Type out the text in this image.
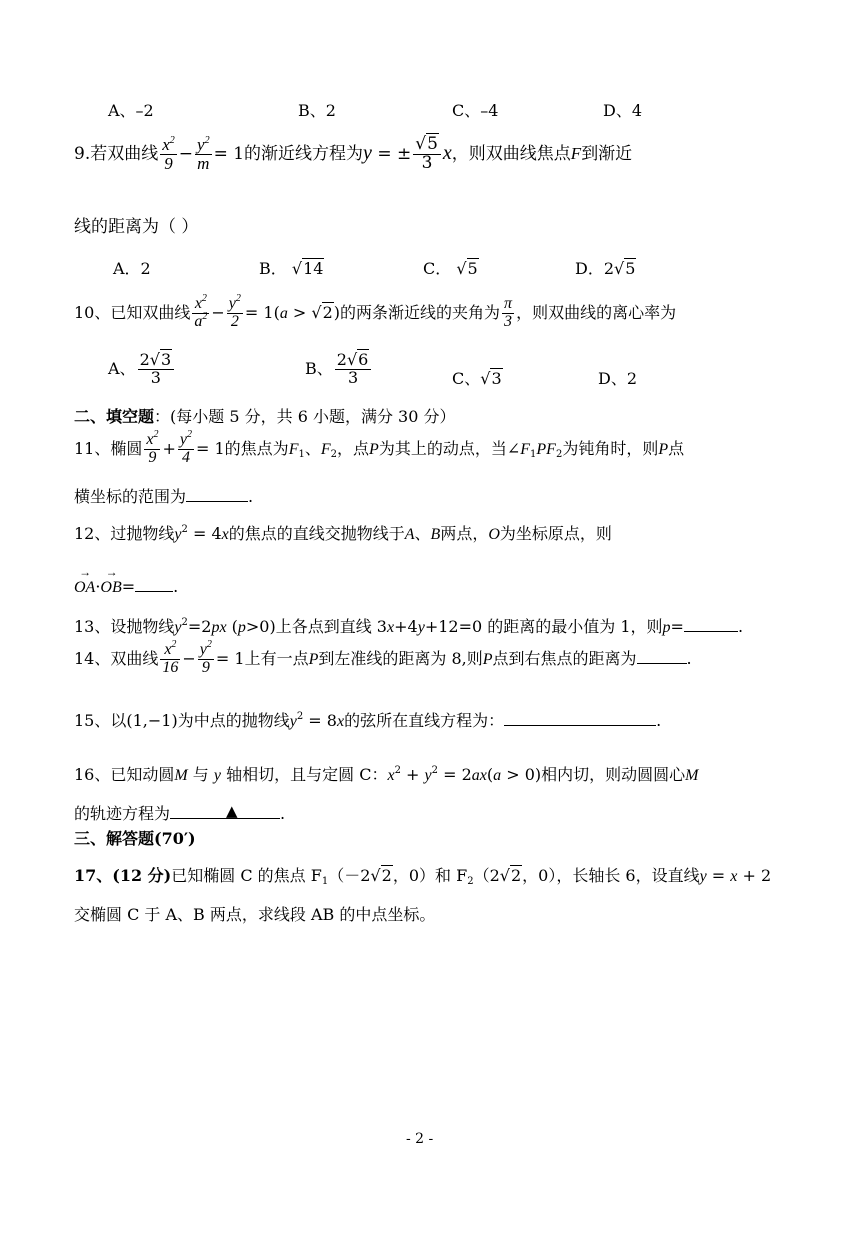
A、–2	B、2	C、–4	D、4
9.若双曲线 $\frac{x^2}{9} - \frac{y^2}{m} = 1$的渐近线方程为y = ± $\frac{√5}{3}$ x，则双曲线焦点F到渐近
线的距离为（ ）
A．2	B． √14	C． √5	D．2√5
10、已知双曲线 $\frac{x^2}{a^2} - \frac{y^2}{2} = 1(a > √2)$的两条渐近线的夹角为 $\frac{\pi}{3}$ ，则双曲线的离心率为
A、 $\frac{2√3}{3}$	B、 $\frac{2√6}{3}$	C、√3	D、2
二、填空题：(每小题 5 分，共 6 小题，满分 30 分）
11、椭圆 $\frac{x^2}{9} + \frac{y^2}{4} = 1$的焦点为$F_1$、$F_2$，点P为其上的动点，当$\angle F_1PF_2$为钝角时，则P点
横坐标的范围为	.
12、过抛物线$y^2 = 4x$的焦点的直线交抛物线于A、B两点，O为坐标原点，则
→ OA·→ OB= .
13、设抛物线$y^2=2px$ (p>0)上各点到直线 3x+4y+12=0 的距离的最小值为 1，则p=	.
14、双曲线 $\frac{x^2}{16} - \frac{y^2}{9} = 1$上有一点P到左准线的距离为 8,则P点到右焦点的距离为	.
15、以(1,−1)为中点的抛物线$y^2 = 8x$的弦所在直线方程为：	.
16、已知动圆M 与 y 轴相切，且与定圆 C：$x^2 + y^2 = 2ax(a > 0)$相内切，则动圆圆心M
的轨迹方程为	▲	.
三、解答题(70′)
17、(12 分)已知椭圆 C 的焦点 $F_1(-2√2$，0）和 $F_2(2√2$，0），长轴长 6，设直线y = x + 2
交椭圆 C 于 A、B 两点，求线段 AB 的中点坐标。
- 2 -
